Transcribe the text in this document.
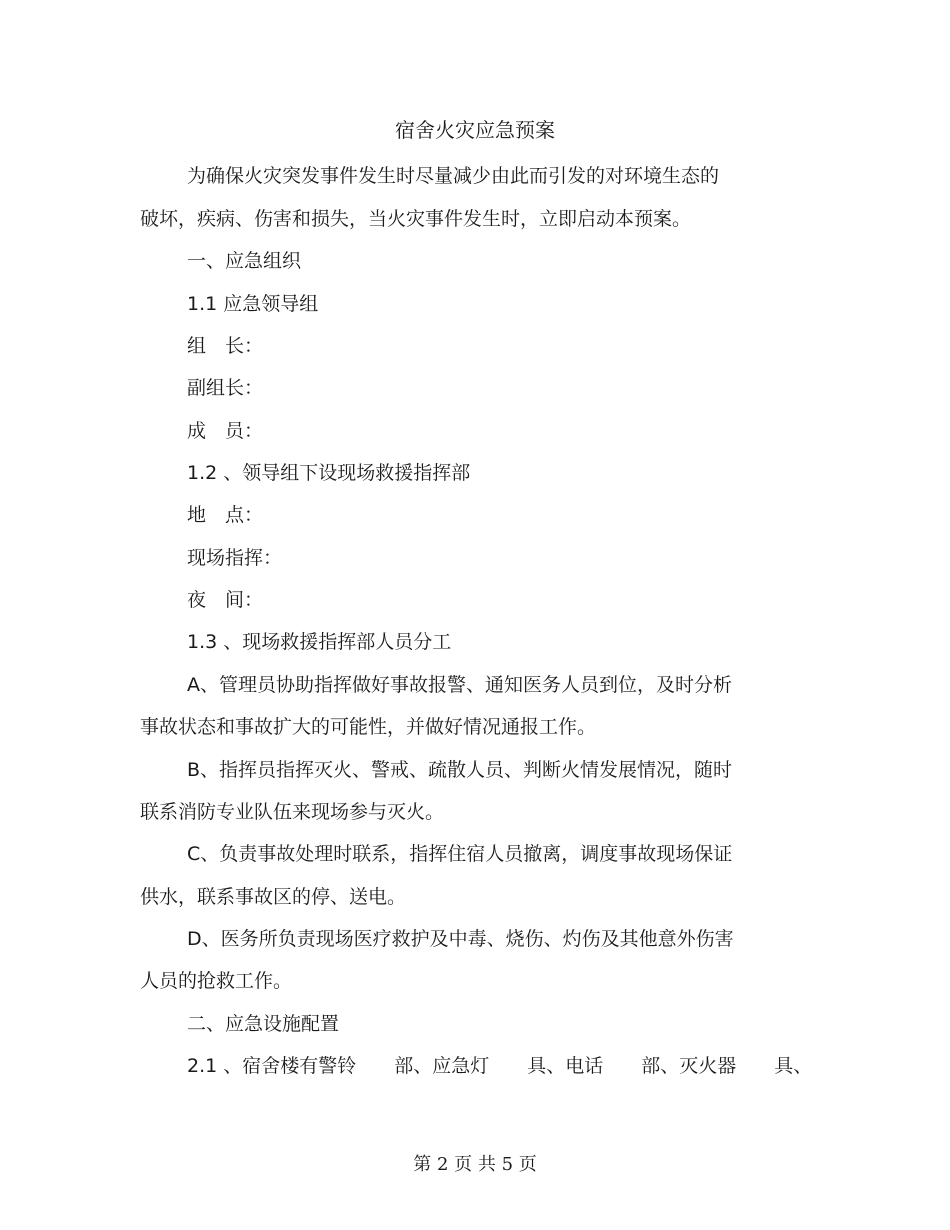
宿舍火灾应急预案
为确保火灾突发事件发生时尽量减少由此而引发的对环境生态的
破坏，疾病、伤害和损失，当火灾事件发生时，立即启动本预案。
一、应急组织
1.1 应急领导组
组　长：
副组长：
成　员：
1.2 、领导组下设现场救援指挥部
地　点：
现场指挥：
夜　间：
1.3 、现场救援指挥部人员分工
A、管理员协助指挥做好事故报警、通知医务人员到位，及时分析
事故状态和事故扩大的可能性，并做好情况通报工作。
B、指挥员指挥灭火、警戒、疏散人员、判断火情发展情况，随时
联系消防专业队伍来现场参与灭火。
C、负责事故处理时联系，指挥住宿人员撤离，调度事故现场保证
供水，联系事故区的停、送电。
D、医务所负责现场医疗救护及中毒、烧伤、灼伤及其他意外伤害
人员的抢救工作。
二、应急设施配置
2.1 、宿舍楼有警铃　　部、应急灯　　具、电话　　部、灭火器　　具、
第 2 页 共 5 页
